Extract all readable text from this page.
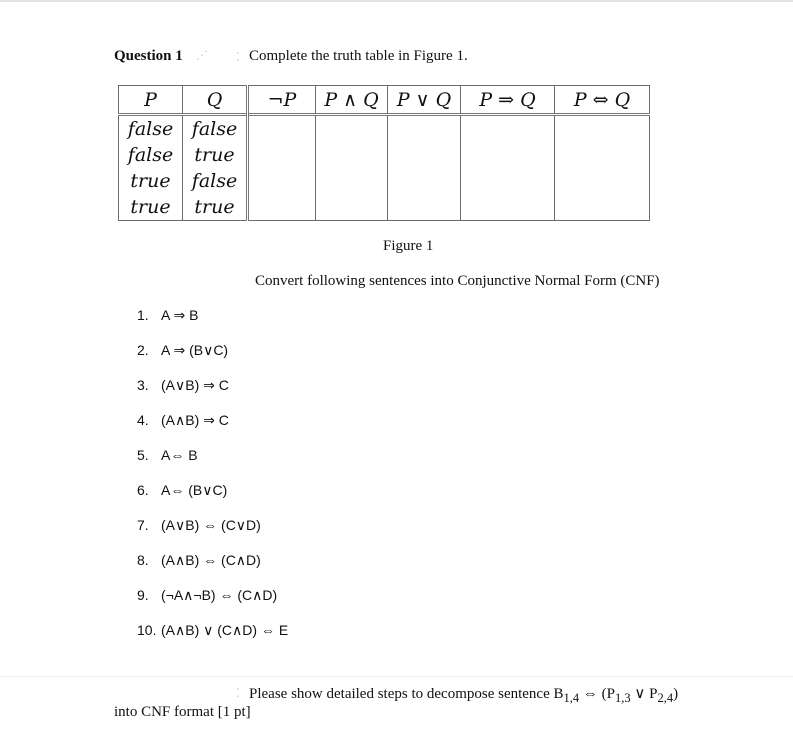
Question 1 ⋰ ⁚ Complete the truth table in Figure 1.
P	Q	¬P	P ∧ Q	P ∨ Q	P ⇒ Q	P ⇔ Q
false	false					
false	true					
true	false					
true	true					
Figure 1
Convert following sentences into Conjunctive Normal Form (CNF)
1. A ⇒ B
2. A ⇒ (B∨C)
3. (A∨B) ⇒ C
4. (A∧B) ⇒ C
5. A⇔ B
6. A⇔ (B∨C)
7. (A∨B) ⇔ (C∨D)
8. (A∧B) ⇔ (C∧D)
9. (¬A∧¬B) ⇔ (C∧D)
10. (A∧B) ∨ (C∧D) ⇔ E
⁚ Please show detailed steps to decompose sentence $B_{1,4}$ ⇔ ($P_{1,3}$ ∨ $P_{2,4}$)
into CNF format [1 pt]
